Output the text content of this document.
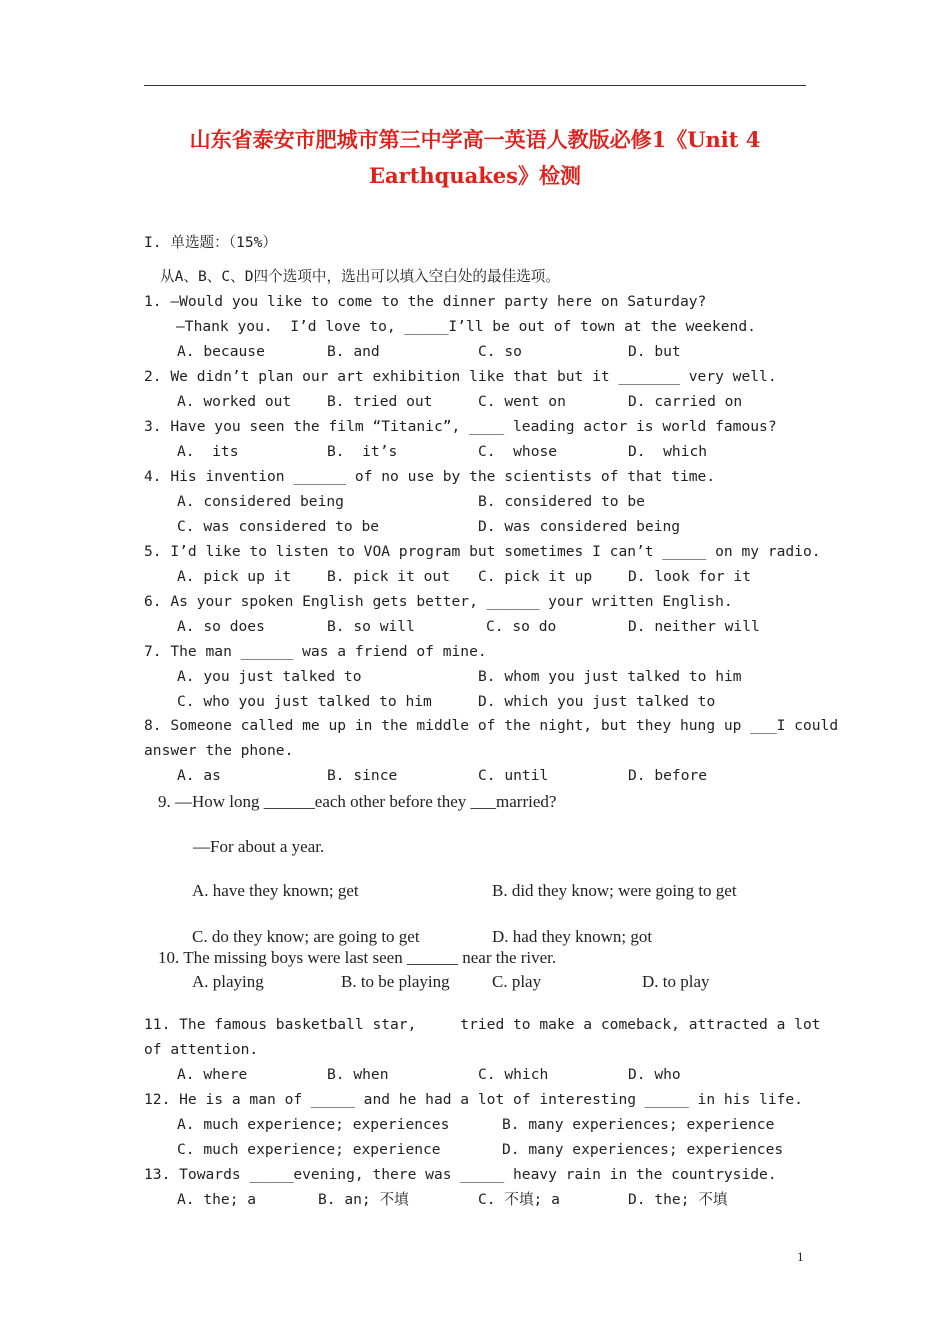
山东省泰安市肥城市第三中学高一英语人教版必修1《Unit 4
Earthquakes》检测
I. 单选题：（15%）
从A、B、C、D四个选项中，选出可以填入空白处的最佳选项。
1. —Would you like to come to the dinner party here on Saturday?
—Thank you.  I’d love to, _____I’ll be out of town at the weekend.
A. because	B. and	C. so	D. but
2. We didn’t plan our art exhibition like that but it _______ very well.
A. worked out B. tried out	C. went on	D. carried on
3. Have you seen the film “Titanic”, ____ leading actor is world famous?
A.  its	B.  it’s	C.  whose	D.  which
4. His invention ______ of no use by the scientists of that time.
A. considered being	B. considered to be
C. was considered to be	D. was considered being
5. I’d like to listen to VOA program but sometimes I can’t _____ on my radio.
A. pick up it B. pick it out C. pick it up D. look for it
6. As your spoken English gets better, ______ your written English.
A. so does	B. so will	C. so do	D. neither will
7. The man ______ was a friend of mine.
A. you just talked to	B. whom you just talked to him
C. who you just talked to him	D. which you just talked to
8. Someone called me up in the middle of the night, but they hung up ___I could
answer the phone.
A. as	B. since	C. until	D. before
9. —How long ______each other before they ___married?
—For about a year.
A. have they known; get	B. did they know; were going to get
C. do they know; are going to get	D. had they known; got
10. The missing boys were last seen ______ near the river.
A. playing	B. to be playing C. play	D. to play
11. The famous basketball star,     tried to make a comeback, attracted a lot
of attention.
A. where	B. when	C. which	D. who
12. He is a man of _____ and he had a lot of interesting _____ in his life.
A. much experience; experiences	B. many experiences; experience
C. much experience; experience	D. many experiences; experiences
13. Towards _____evening, there was _____ heavy rain in the countryside.
A. the; a	B. an; 不填	C. 不填; a	D. the; 不填
1
